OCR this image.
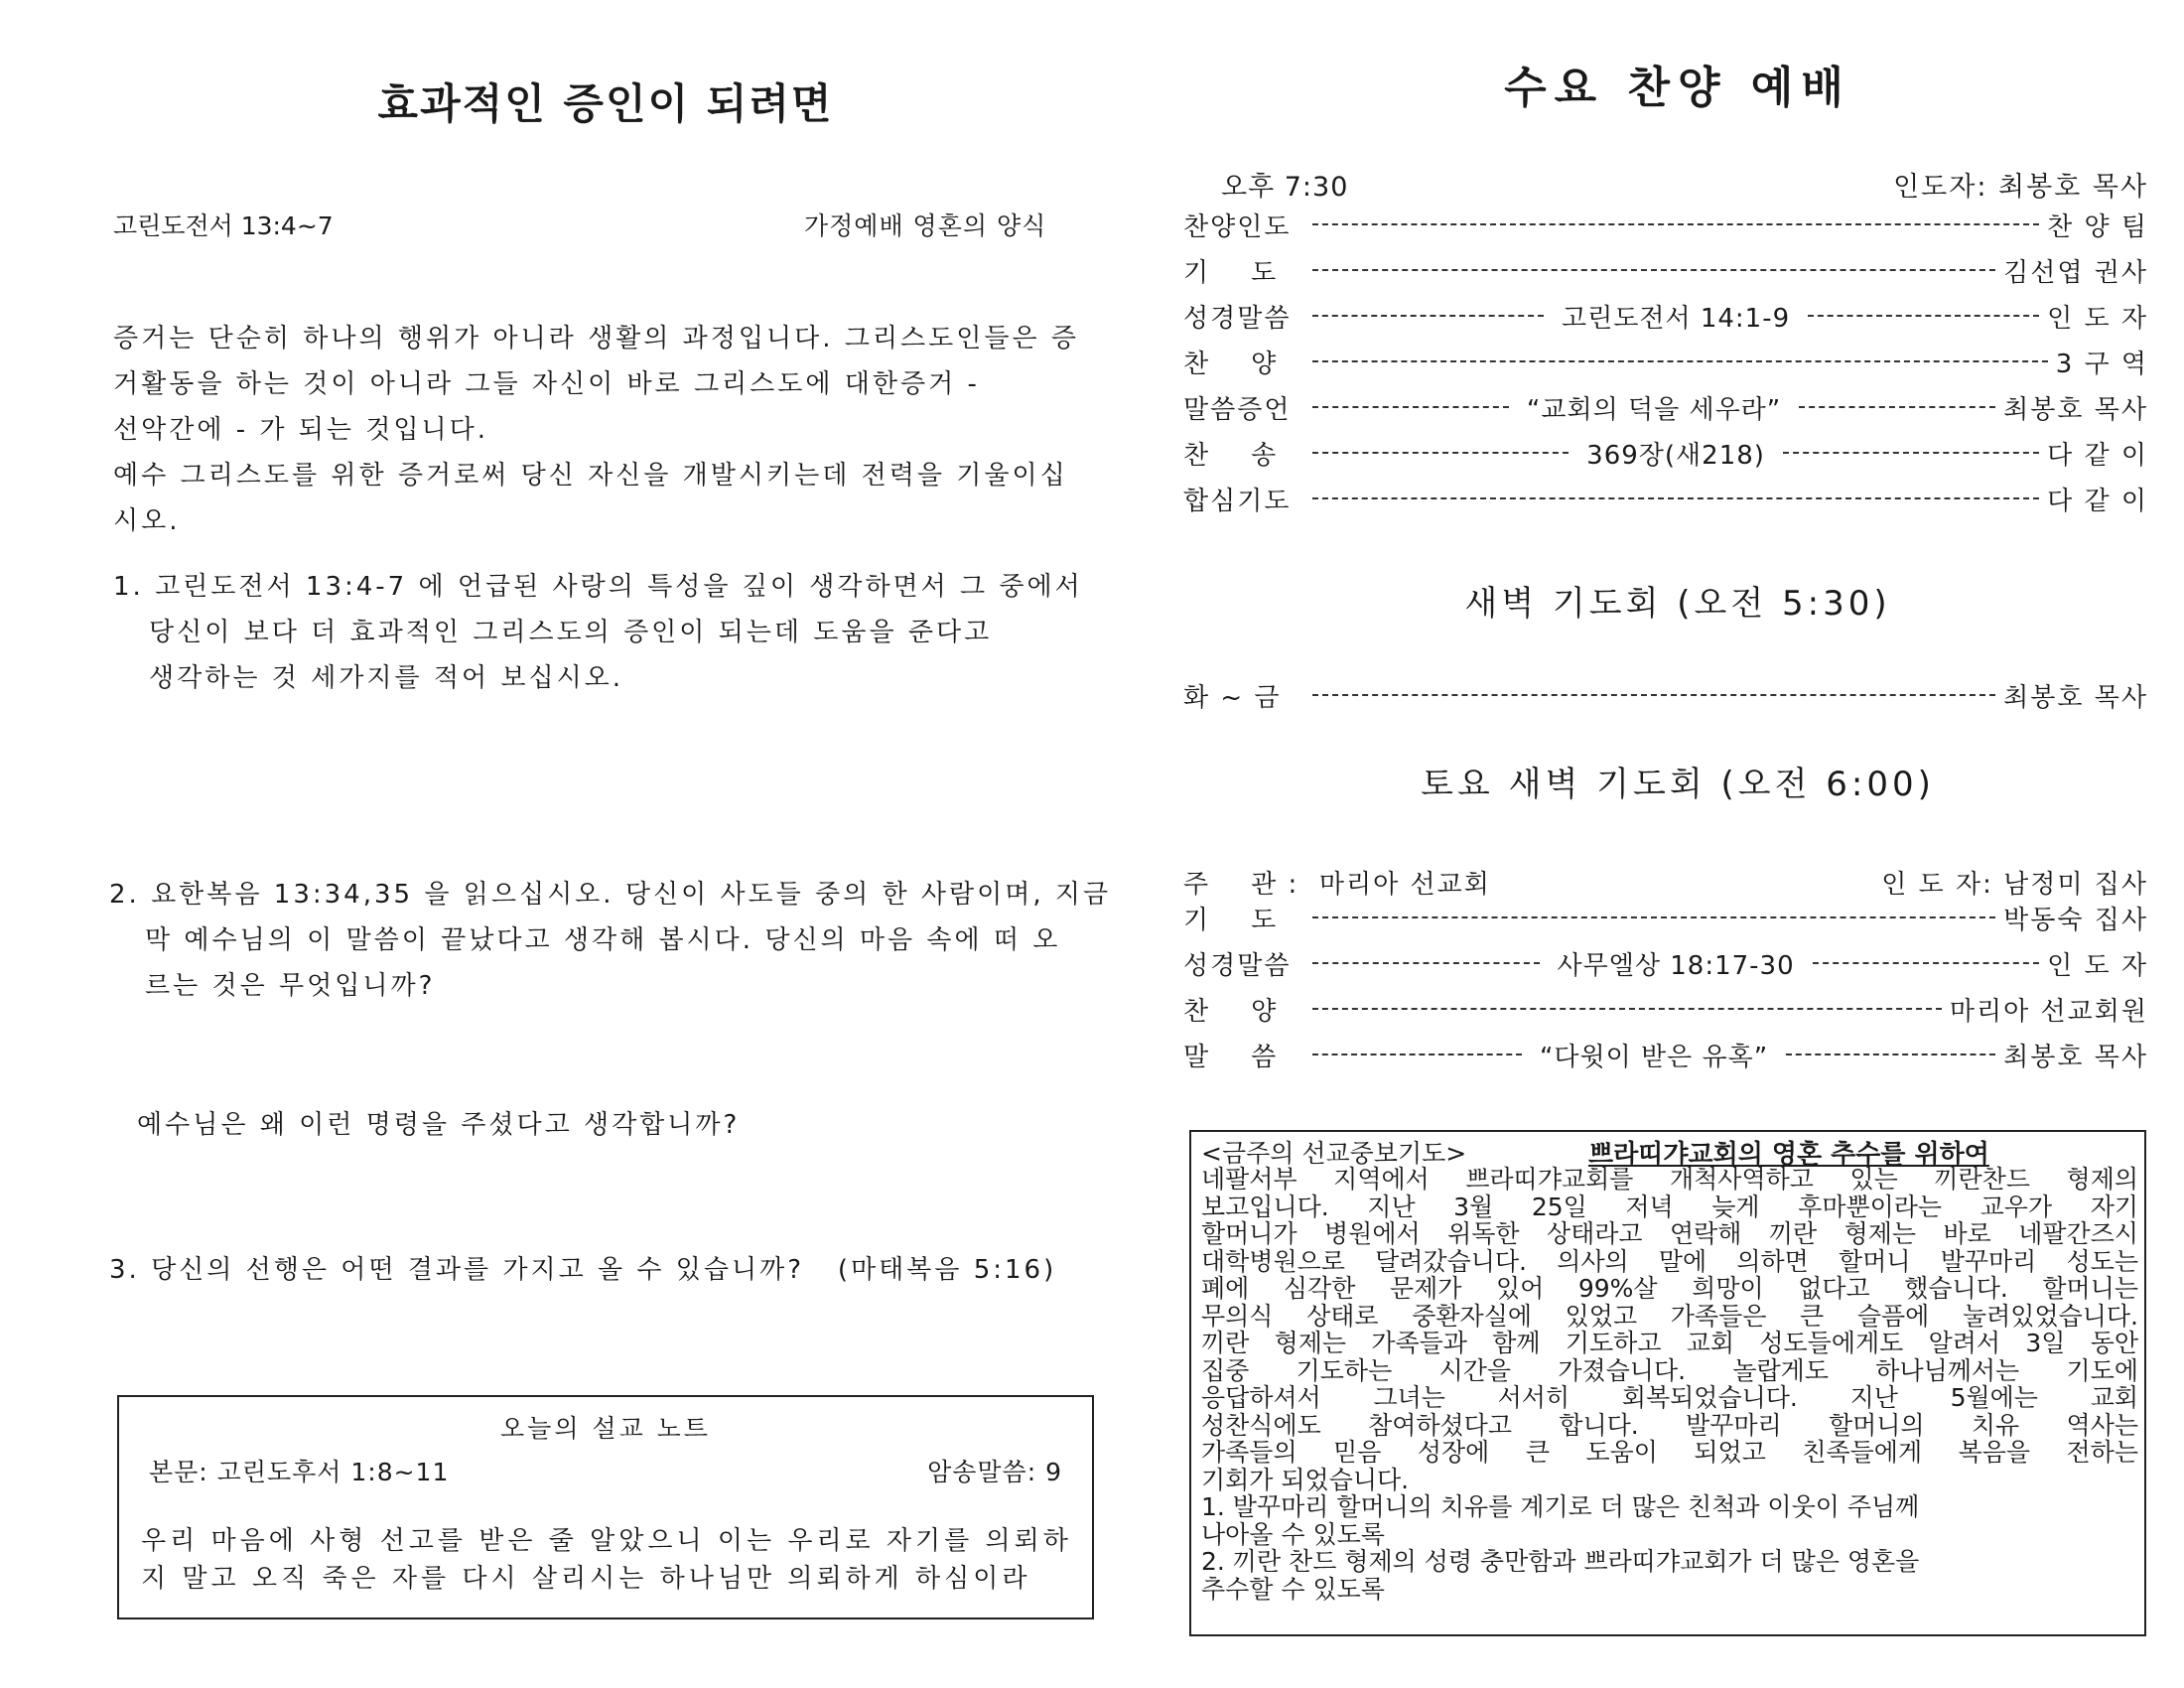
효과적인 증인이 되려면
고린도전서 13:4~7	가정예배 영혼의 양식
증거는 단순히 하나의 행위가 아니라 생활의 과정입니다. 그리스도인들은 증
거활동을 하는 것이 아니라 그들 자신이 바로 그리스도에 대한증거 -
선악간에 - 가 되는 것입니다.
예수 그리스도를 위한 증거로써 당신 자신을 개발시키는데 전력을 기울이십
시오.
1. 고린도전서 13:4-7 에 언급된 사랑의 특성을 깊이 생각하면서 그 중에서
당신이 보다 더 효과적인 그리스도의 증인이 되는데 도움을 준다고
생각하는 것 세가지를 적어 보십시오.
2. 요한복음 13:34,35 을 읽으십시오. 당신이 사도들 중의 한 사람이며, 지금
막 예수님의 이 말씀이 끝났다고 생각해 봅시다. 당신의 마음 속에 떠 오
르는 것은 무엇입니까?
예수님은 왜 이런 명령을 주셨다고 생각합니까?
3. 당신의 선행은 어떤 결과를 가지고 올 수 있습니까?   (마태복음 5:16)
오늘의 설교 노트
본문: 고린도후서 1:8~11	암송말씀: 9
우리 마음에 사형 선고를 받은 줄 알았으니 이는 우리로 자기를 의뢰하
지 말고 오직 죽은 자를 다시 살리시는 하나님만 의뢰하게 하심이라
수요 찬양 예배
오후 7:30	인도자: 최봉호 목사
찬양인도	찬 양 팀
기    도	김선엽 권사
성경말씀	고린도전서 14:1-9	인 도 자
찬    양	3 구 역
말씀증언	“교회의 덕을 세우라”	최봉호 목사
찬    송	369장(새218)	다 같 이
합심기도	다 같 이
새벽 기도회 (오전 5:30)
화 ~ 금	최봉호 목사
토요 새벽 기도회 (오전 6:00)
주    관 :  마리아 선교회	인 도 자: 남정미 집사
기    도	박동숙 집사
성경말씀	사무엘상 18:17-30	인 도 자
찬    양	마리아 선교회원
말    씀	“다윗이 받은 유혹”	최봉호 목사
<금주의 선교중보기도>	쁘라띠갸교회의 영혼 추수를 위하여
네팔서부 지역에서 쁘라띠갸교회를 개척사역하고 있는 끼란찬드 형제의
보고입니다. 지난 3월 25일 저녁 늦게 후마뿐이라는 교우가 자기
할머니가 병원에서 위독한 상태라고 연락해 끼란 형제는 바로 네팔간즈시
대학병원으로 달려갔습니다. 의사의 말에 의하면 할머니 발꾸마리 성도는
폐에 심각한 문제가 있어 99%살 희망이 없다고 했습니다. 할머니는
무의식 상태로 중환자실에 있었고 가족들은 큰 슬픔에 눌려있었습니다.
끼란 형제는 가족들과 함께 기도하고 교회 성도들에게도 알려서 3일 동안
집중 기도하는 시간을 가졌습니다. 놀랍게도 하나님께서는 기도에
응답하셔서 그녀는 서서히 회복되었습니다. 지난 5월에는 교회
성찬식에도 참여하셨다고 합니다. 발꾸마리 할머니의 치유 역사는
가족들의 믿음 성장에 큰 도움이 되었고 친족들에게 복음을 전하는
기회가 되었습니다.
1. 발꾸마리 할머니의 치유를 계기로 더 많은 친척과 이웃이 주님께
나아올 수 있도록
2. 끼란 찬드 형제의 성령 충만함과 쁘라띠갸교회가 더 많은 영혼을
추수할 수 있도록
